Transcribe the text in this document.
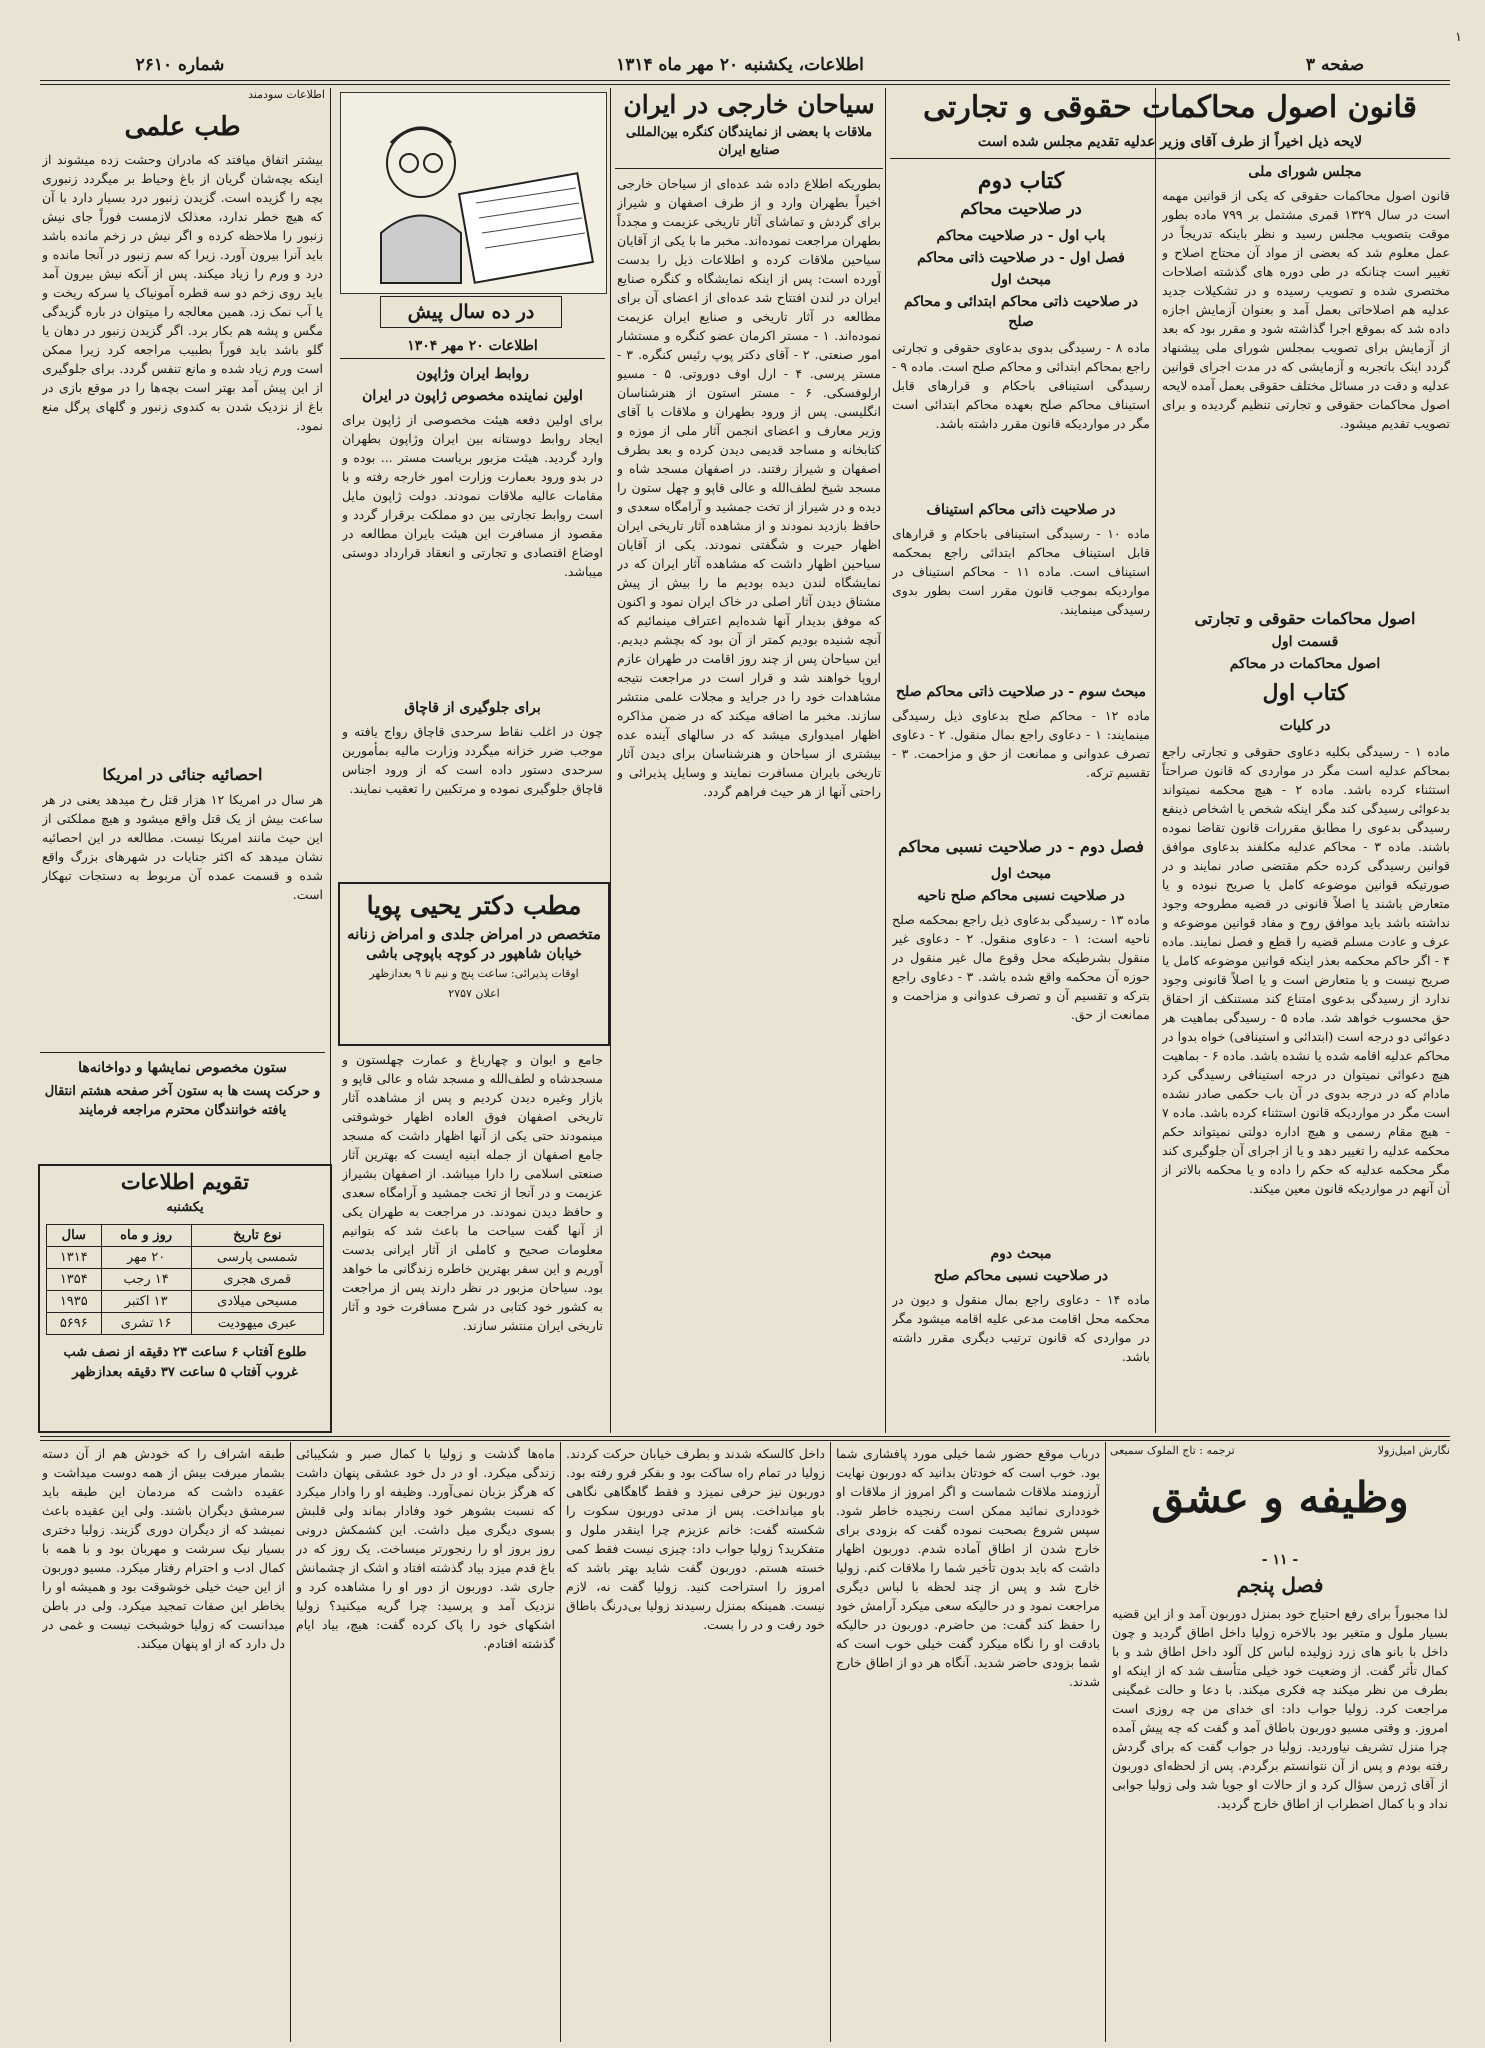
۱
صفحه ۳
اطلاعات، یکشنبه ۲۰ مهر ماه ۱۳۱۴
شماره ۲۶۱۰
قانون اصول محاکمات حقوقی و تجارتی
لایحه ذیل اخیراً از طرف آقای وزیر عدلیه تقدیم مجلس شده است
مجلس شورای ملی

قانون اصول محاکمات حقوقی که یکی از قوانین مهمه است در سال ۱۳۲۹ قمری مشتمل بر ۷۹۹ ماده بطور موقت بتصویب مجلس رسید و نظر باینکه تدریجاً در عمل معلوم شد که بعضی از مواد آن محتاج اصلاح و تغییر است چنانکه در طی دوره های گذشته اصلاحات مختصری شده و تصویب رسیده و در تشکیلات جدید عدلیه هم اصلاحاتی بعمل آمد و بعنوان آزمایش اجازه داده شد که بموقع اجرا گذاشته شود و مقرر بود که بعد از آزمایش برای تصویب بمجلس شورای ملی پیشنهاد گردد اینک باتجربه و آزمایشی که در مدت اجرای قوانین عدلیه و دقت در مسائل مختلف حقوقی بعمل آمده لایحه اصول محاکمات حقوقی و تجارتی تنظیم گردیده و برای تصویب تقدیم میشود.

اصول محاکمات حقوقی و تجارتی
قسمت اول
اصول محاکمات در محاکم
کتاب اول
در کلیات

ماده ۱ - رسیدگی بکلیه دعاوی حقوقی و تجارتی راجع بمحاکم عدلیه است مگر در مواردی که قانون صراحتاً استثناء کرده باشد. ماده ۲ - هیچ محکمه نمیتواند بدعوائی رسیدگی کند مگر اینکه شخص یا اشخاص ذینفع رسیدگی بدعوی را مطابق مقررات قانون تقاضا نموده باشند. ماده ۳ - محاکم عدلیه مکلفند بدعاوی موافق قوانین رسیدگی کرده حکم مقتضی صادر نمایند و در صورتیکه قوانین موضوعه کامل یا صریح نبوده و یا متعارض باشند یا اصلاً قانونی در قضیه مطروحه وجود نداشته باشد باید موافق روح و مفاد قوانین موضوعه و عرف و عادت مسلم قضیه را قطع و فصل نمایند. ماده ۴ - اگر حاکم محکمه بعذر اینکه قوانین موضوعه کامل یا صریح نیست و یا متعارض است و یا اصلاً قانونی وجود ندارد از رسیدگی بدعوی امتناع کند مستنکف از احقاق حق محسوب خواهد شد. ماده ۵ - رسیدگی بماهیت هر دعوائی دو درجه است (ابتدائی و استینافی) خواه بدوا در محاکم عدلیه اقامه شده یا نشده باشد. ماده ۶ - بماهیت هیچ دعوائی نمیتوان در درجه استینافی رسیدگی کرد مادام که در درجه بدوی در آن باب حکمی صادر نشده است مگر در مواردیکه قانون استثناء کرده باشد. ماده ۷ - هیچ مقام رسمی و هیچ اداره دولتی نمیتواند حکم محکمه عدلیه را تغییر دهد و یا از اجرای آن جلوگیری کند مگر محکمه عدلیه که حکم را داده و یا محکمه بالاتر از آن آنهم در مواردیکه قانون معین میکند.

کتاب دوم
در صلاحیت محاکم
باب اول - در صلاحیت محاکم
فصل اول - در صلاحیت ذاتی محاکم
مبحث اول
در صلاحیت ذاتی محاکم ابتدائی و محاکم صلح

ماده ۸ - رسیدگی بدوی بدعاوی حقوقی و تجارتی راجع بمحاکم ابتدائی و محاکم صلح است. ماده ۹ - رسیدگی استینافی باحکام و قرارهای قابل استیناف محاکم صلح بعهده محاکم ابتدائی است مگر در مواردیکه قانون مقرر داشته باشد.

در صلاحیت ذاتی محاکم استیناف

ماده ۱۰ - رسیدگی استینافی باحکام و قرارهای قابل استیناف محاکم ابتدائی راجع بمحکمه استیناف است. ماده ۱۱ - محاکم استیناف در مواردیکه بموجب قانون مقرر است بطور بدوی رسیدگی مینمایند.

مبحث سوم - در صلاحیت ذاتی محاکم صلح

ماده ۱۲ - محاکم صلح بدعاوی ذیل رسیدگی مینمایند: ۱ - دعاوی راجع بمال منقول. ۲ - دعاوی تصرف عدوانی و ممانعت از حق و مزاحمت. ۳ - تقسیم ترکه.

فصل دوم - در صلاحیت نسبی محاکم
مبحث اول
در صلاحیت نسبی محاکم صلح ناحیه

ماده ۱۳ - رسیدگی بدعاوی ذیل راجع بمحکمه صلح ناحیه است: ۱ - دعاوی منقول. ۲ - دعاوی غیر منقول بشرطیکه محل وقوع مال غیر منقول در حوزه آن محکمه واقع شده باشد. ۳ - دعاوی راجع بترکه و تقسیم آن و تصرف عدوانی و مزاحمت و ممانعت از حق.

مبحث دوم
در صلاحیت نسبی محاکم صلح

ماده ۱۴ - دعاوی راجع بمال منقول و دیون در محکمه محل اقامت مدعی علیه اقامه میشود مگر در مواردی که قانون ترتیب دیگری مقرر داشته باشد.

سیاحان خارجی در ایران
ملاقات با بعضی از نمایندگان کنگره بین‌المللی صنایع ایران

بطوریکه اطلاع داده شد عده‌ای از سیاحان خارجی اخیراً بطهران وارد و از طرف اصفهان و شیراز برای گردش و تماشای آثار تاریخی عزیمت و مجدداً بطهران مراجعت نموده‌اند. مخبر ما با یکی از آقایان سیاحین ملاقات کرده و اطلاعات ذیل را بدست آورده است: پس از اینکه نمایشگاه و کنگره صنایع ایران در لندن افتتاح شد عده‌ای از اعضای آن برای مطالعه در آثار تاریخی و صنایع ایران عزیمت نموده‌اند. ۱ - مستر اکرمان عضو کنگره و مستشار امور صنعتی. ۲ - آقای دکتر پوپ رئیس کنگره. ۳ - مستر پرسی. ۴ - ارل اوف دوروتی. ۵ - مسیو ارلوفسکی. ۶ - مستر استون از هنرشناسان انگلیسی. پس از ورود بطهران و ملاقات با آقای وزیر معارف و اعضای انجمن آثار ملی از موزه و کتابخانه و مساجد قدیمی دیدن کرده و بعد بطرف اصفهان و شیراز رفتند. در اصفهان مسجد شاه و مسجد شیخ لطف‌الله و عالی قاپو و چهل ستون را دیده و در شیراز از تخت جمشید و آرامگاه سعدی و حافظ بازدید نمودند و از مشاهده آثار تاریخی ایران اظهار حیرت و شگفتی نمودند. یکی از آقایان سیاحین اظهار داشت که مشاهده آثار ایران که در نمایشگاه لندن دیده بودیم ما را بیش از پیش مشتاق دیدن آثار اصلی در خاک ایران نمود و اکنون که موفق بدیدار آنها شده‌ایم اعتراف مینمائیم که آنچه شنیده بودیم کمتر از آن بود که بچشم دیدیم. این سیاحان پس از چند روز اقامت در طهران عازم اروپا خواهند شد و قرار است در مراجعت نتیجه مشاهدات خود را در جراید و مجلات علمی منتشر سازند. مخبر ما اضافه میکند که در ضمن مذاکره اظهار امیدواری میشد که در سالهای آینده عده بیشتری از سیاحان و هنرشناسان برای دیدن آثار تاریخی بایران مسافرت نمایند و وسایل پذیرائی و راحتی آنها از هر حیث فراهم گردد.

در ده سال پیش
اطلاعات ۲۰ مهر ۱۳۰۴
روابط ایران وژاپون
اولین نماینده مخصوص ژاپون در ایران

برای اولین دفعه هیئت مخصوصی از ژاپون برای ایجاد روابط دوستانه بین ایران وژاپون بطهران وارد گردید. هیئت مزبور بریاست مستر ... بوده و در بدو ورود بعمارت وزارت امور خارجه رفته و با مقامات عالیه ملاقات نمودند. دولت ژاپون مایل است روابط تجارتی بین دو مملکت برقرار گردد و مقصود از مسافرت این هیئت بایران مطالعه در اوضاع اقتصادی و تجارتی و انعقاد قرارداد دوستی میباشد.

برای جلوگیری از قاچاق

چون در اغلب نقاط سرحدی قاچاق رواج یافته و موجب ضرر خزانه میگردد وزارت مالیه بمأمورین سرحدی دستور داده است که از ورود اجناس قاچاق جلوگیری نموده و مرتکبین را تعقیب نمایند.

مطب دکتر یحیی پویا
متخصص در امراض جلدی و امراض زنانه
خیابان شاهپور در کوچه باپوچی باشی
اوقات پذیرائی: ساعت پنج و نیم تا ۹ بعدازظهر
اعلان ۲۷۵۷

جامع و ایوان و چهارباغ و عمارت چهلستون و مسجدشاه و لطف‌الله و مسجد شاه و عالی قاپو و بازار وغیره دیدن کردیم و پس از مشاهده آثار تاریخی اصفهان فوق العاده اظهار خوشوقتی مینمودند حتی یکی از آنها اظهار داشت که مسجد جامع اصفهان از جمله ابنیه ایست که بهترین آثار صنعتی اسلامی را دارا میباشد. از اصفهان بشیراز عزیمت و در آنجا از تخت جمشید و آرامگاه سعدی و حافظ دیدن نمودند. در مراجعت به طهران یکی از آنها گفت سیاحت ما باعث شد که بتوانیم معلومات صحیح و کاملی از آثار ایرانی بدست آوریم و این سفر بهترین خاطره زندگانی ما خواهد بود. سیاحان مزبور در نظر دارند پس از مراجعت به کشور خود کتابی در شرح مسافرت خود و آثار تاریخی ایران منتشر سازند.

اطلاعات سودمند
طب علمی

بیشتر اتفاق میافتد که مادران وحشت زده میشوند از اینکه بچه‌شان گریان از باغ وحیاط بر میگردد زنبوری بچه را گزیده است. گزیدن زنبور درد بسیار دارد با آن که هیچ خطر ندارد، معذلک لازمست فوراً جای نیش زنبور را ملاحظه کرده و اگر نیش در زخم مانده باشد باید آنرا بیرون آورد. زیرا که سم زنبور در آنجا مانده و درد و ورم را زیاد میکند. پس از آنکه نیش بیرون آمد باید روی زخم دو سه قطره آمونیاک یا سرکه ریخت و یا آب نمک زد. همین معالجه را میتوان در باره گزیدگی مگس و پشه هم بکار برد. اگر گزیدن زنبور در دهان یا گلو باشد باید فوراً بطبیب مراجعه کرد زیرا ممکن است ورم زیاد شده و مانع تنفس گردد. برای جلوگیری از این پیش آمد بهتر است بچه‌ها را در موقع بازی در باغ از نزدیک شدن به کندوی زنبور و گلهای پرگل منع نمود.

احصائیه جنائی در امریکا

هر سال در امریکا ۱۲ هزار قتل رخ میدهد یعنی در هر ساعت بیش از یک قتل واقع میشود و هیچ مملکتی از این حیث مانند امریکا نیست. مطالعه در این احصائیه نشان میدهد که اکثر جنایات در شهرهای بزرگ واقع شده و قسمت عمده آن مربوط به دستجات تبهکار است.

ستون مخصوص نمایشها و دواخانه‌ها
و حرکت پست ها به ستون آخر صفحه هشتم انتقال یافته خوانندگان محترم مراجعه فرمایند
تقویم اطلاعات
یکشنبه
نوع تاریخ	روز و ماه	سال
شمسی پارسی	۲۰ مهر	۱۳۱۴
قمری هجری	۱۴ رجب	۱۳۵۴
مسیحی میلادی	۱۳ اکتبر	۱۹۳۵
عبری میهودیت	۱۶ تشری	۵۶۹۶
طلوع آفتاب ۶ ساعت ۲۳ دقیقه از نصف شب
غروب آفتاب ۵ ساعت ۳۷ دقیقه بعدازظهر
نگارش امیل‌زولا
ترجمه : تاج الملوک سمیعی
وظیفه و عشق
- ۱۱ -
فصل پنجم

لذا مجبوراً برای رفع احتیاج خود بمنزل دوربون آمد و از این قضیه بسیار ملول و متغیر بود بالاخره زولیا داخل اطاق گردید و چون داخل با بانو های زرد زولیده لباس کل آلود داخل اطاق شد و با کمال تأثر گفت. از وضعیت خود خیلی متأسف شد که از اینکه او بطرف من نظر میکند چه فکری میکند. با دعا و حالت غمگینی مراجعت کرد. زولیا جواب داد: ای خدای من چه روزی است امروز. و وقتی مسیو دوربون باطاق آمد و گفت که چه پیش آمده چرا منزل تشریف نیاوردید. زولیا در جواب گفت که برای گردش رفته بودم و پس از آن نتوانستم برگردم. پس از لحظه‌ای دوربون از آقای ژرمن سؤال کرد و از حالات او جویا شد ولی زولیا جوابی نداد و با کمال اضطراب از اطاق خارج گردید.

درباب موقع حضور شما خیلی مورد پافشاری شما بود. خوب است که خودتان بدانید که دوربون نهایت آرزومند ملاقات شماست و اگر امروز از ملاقات او خودداری نمائید ممکن است رنجیده خاطر شود. سپس شروع بصحبت نموده گفت که بزودی برای خارج شدن از اطاق آماده شدم. دوربون اظهار داشت که باید بدون تأخیر شما را ملاقات کنم. زولیا خارج شد و پس از چند لحظه با لباس دیگری مراجعت نمود و در حالیکه سعی میکرد آرامش خود را حفظ کند گفت: من حاضرم. دوربون در حالیکه بادقت او را نگاه میکرد گفت خیلی خوب است که شما بزودی حاضر شدید. آنگاه هر دو از اطاق خارج شدند.

داخل کالسکه شدند و بطرف خیابان حرکت کردند. زولیا در تمام راه ساکت بود و بفکر فرو رفته بود. دوربون نیز حرفی نمیزد و فقط گاهگاهی نگاهی باو میانداخت. پس از مدتی دوربون سکوت را شکسته گفت: خانم عزیزم چرا اینقدر ملول و متفکرید؟ زولیا جواب داد: چیزی نیست فقط کمی خسته هستم. دوربون گفت شاید بهتر باشد که امروز را استراحت کنید. زولیا گفت نه، لازم نیست. همینکه بمنزل رسیدند زولیا بی‌درنگ باطاق خود رفت و در را بست.

ماه‌ها گذشت و زولیا با کمال صبر و شکیبائی زندگی میکرد. او در دل خود عشقی پنهان داشت که هرگز بزبان نمی‌آورد. وظیفه او را وادار میکرد که نسبت بشوهر خود وفادار بماند ولی قلبش بسوی دیگری میل داشت. این کشمکش درونی روز بروز او را رنجورتر میساخت. یک روز که در باغ قدم میزد بیاد گذشته افتاد و اشک از چشمانش جاری شد. دوربون از دور او را مشاهده کرد و نزدیک آمد و پرسید: چرا گریه میکنید؟ زولیا اشکهای خود را پاک کرده گفت: هیچ، بیاد ایام گذشته افتادم.

طبقه اشراف را که خودش هم از آن دسته بشمار میرفت بیش از همه دوست میداشت و عقیده داشت که مردمان این طبقه باید سرمشق دیگران باشند. ولی این عقیده باعث نمیشد که از دیگران دوری گزیند. زولیا دختری بسیار نیک سرشت و مهربان بود و با همه با کمال ادب و احترام رفتار میکرد. مسیو دوربون از این حیث خیلی خوشوقت بود و همیشه او را بخاطر این صفات تمجید میکرد. ولی در باطن میدانست که زولیا خوشبخت نیست و غمی در دل دارد که از او پنهان میکند.
